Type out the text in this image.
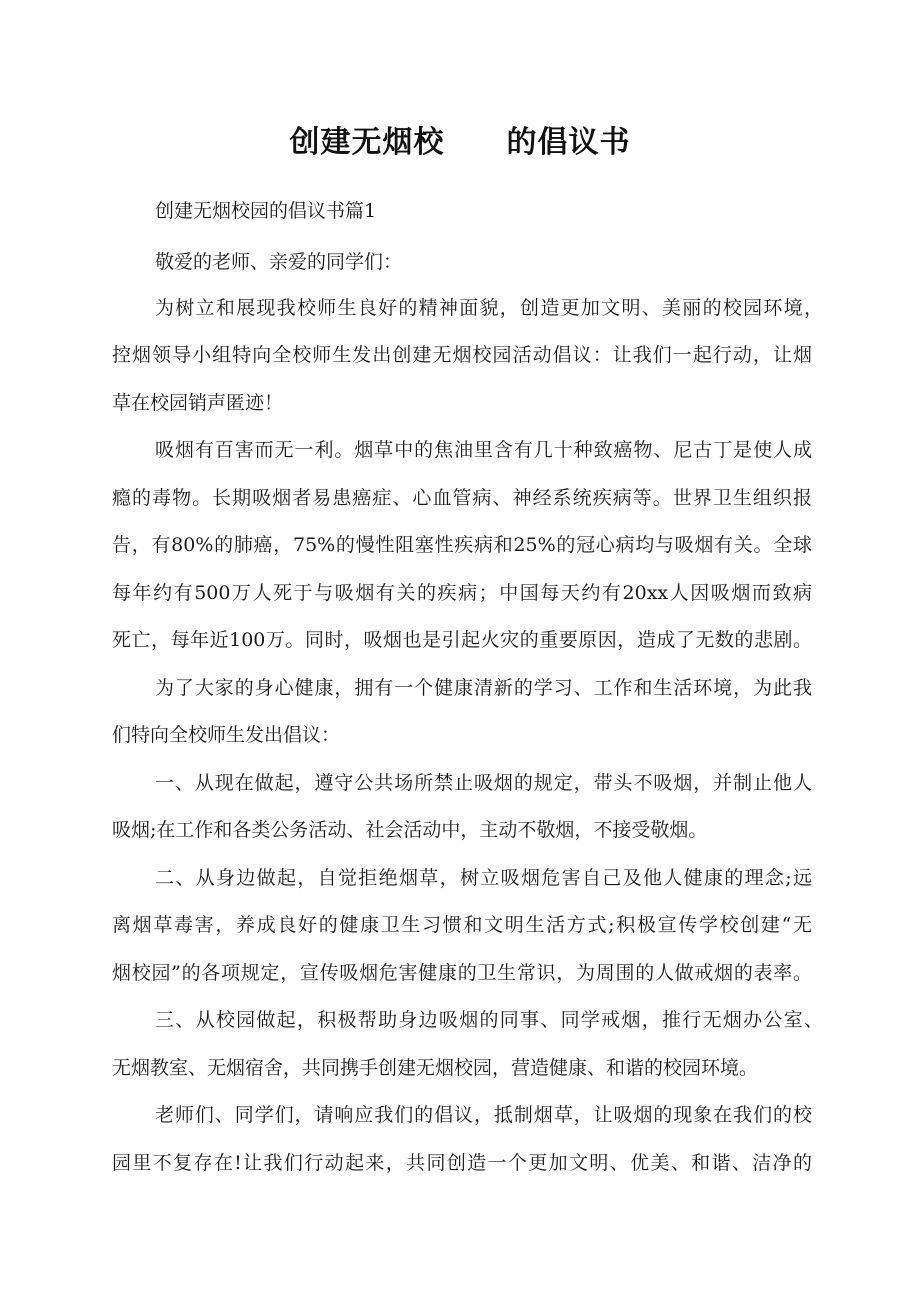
创建无烟校 的倡议书
创建无烟校园的倡议书篇1
敬爱的老师、亲爱的同学们：
为树立和展现我校师生良好的精神面貌，创造更加文明、美丽的校园环境，
控烟领导小组特向全校师生发出创建无烟校园活动倡议：让我们一起行动，让烟
草在校园销声匿迹！
吸烟有百害而无一利。烟草中的焦油里含有几十种致癌物、尼古丁是使人成
瘾的毒物。长期吸烟者易患癌症、心血管病、神经系统疾病等。世界卫生组织报
告，有80%的肺癌，75%的慢性阻塞性疾病和25%的冠心病均与吸烟有关。全球
每年约有500万人死于与吸烟有关的疾病；中国每天约有20xx人因吸烟而致病
死亡，每年近100万。同时，吸烟也是引起火灾的重要原因，造成了无数的悲剧。
为了大家的身心健康，拥有一个健康清新的学习、工作和生活环境，为此我
们特向全校师生发出倡议：
一、从现在做起，遵守公共场所禁止吸烟的规定，带头不吸烟，并制止他人
吸烟;在工作和各类公务活动、社会活动中，主动不敬烟，不接受敬烟。
二、从身边做起，自觉拒绝烟草，树立吸烟危害自己及他人健康的理念;远
离烟草毒害，养成良好的健康卫生习惯和文明生活方式;积极宣传学校创建“无
烟校园”的各项规定，宣传吸烟危害健康的卫生常识，为周围的人做戒烟的表率。
三、从校园做起，积极帮助身边吸烟的同事、同学戒烟，推行无烟办公室、
无烟教室、无烟宿舍，共同携手创建无烟校园，营造健康、和谐的校园环境。
老师们、同学们，请响应我们的倡议，抵制烟草，让吸烟的现象在我们的校
园里不复存在!让我们行动起来，共同创造一个更加文明、优美、和谐、洁净的
